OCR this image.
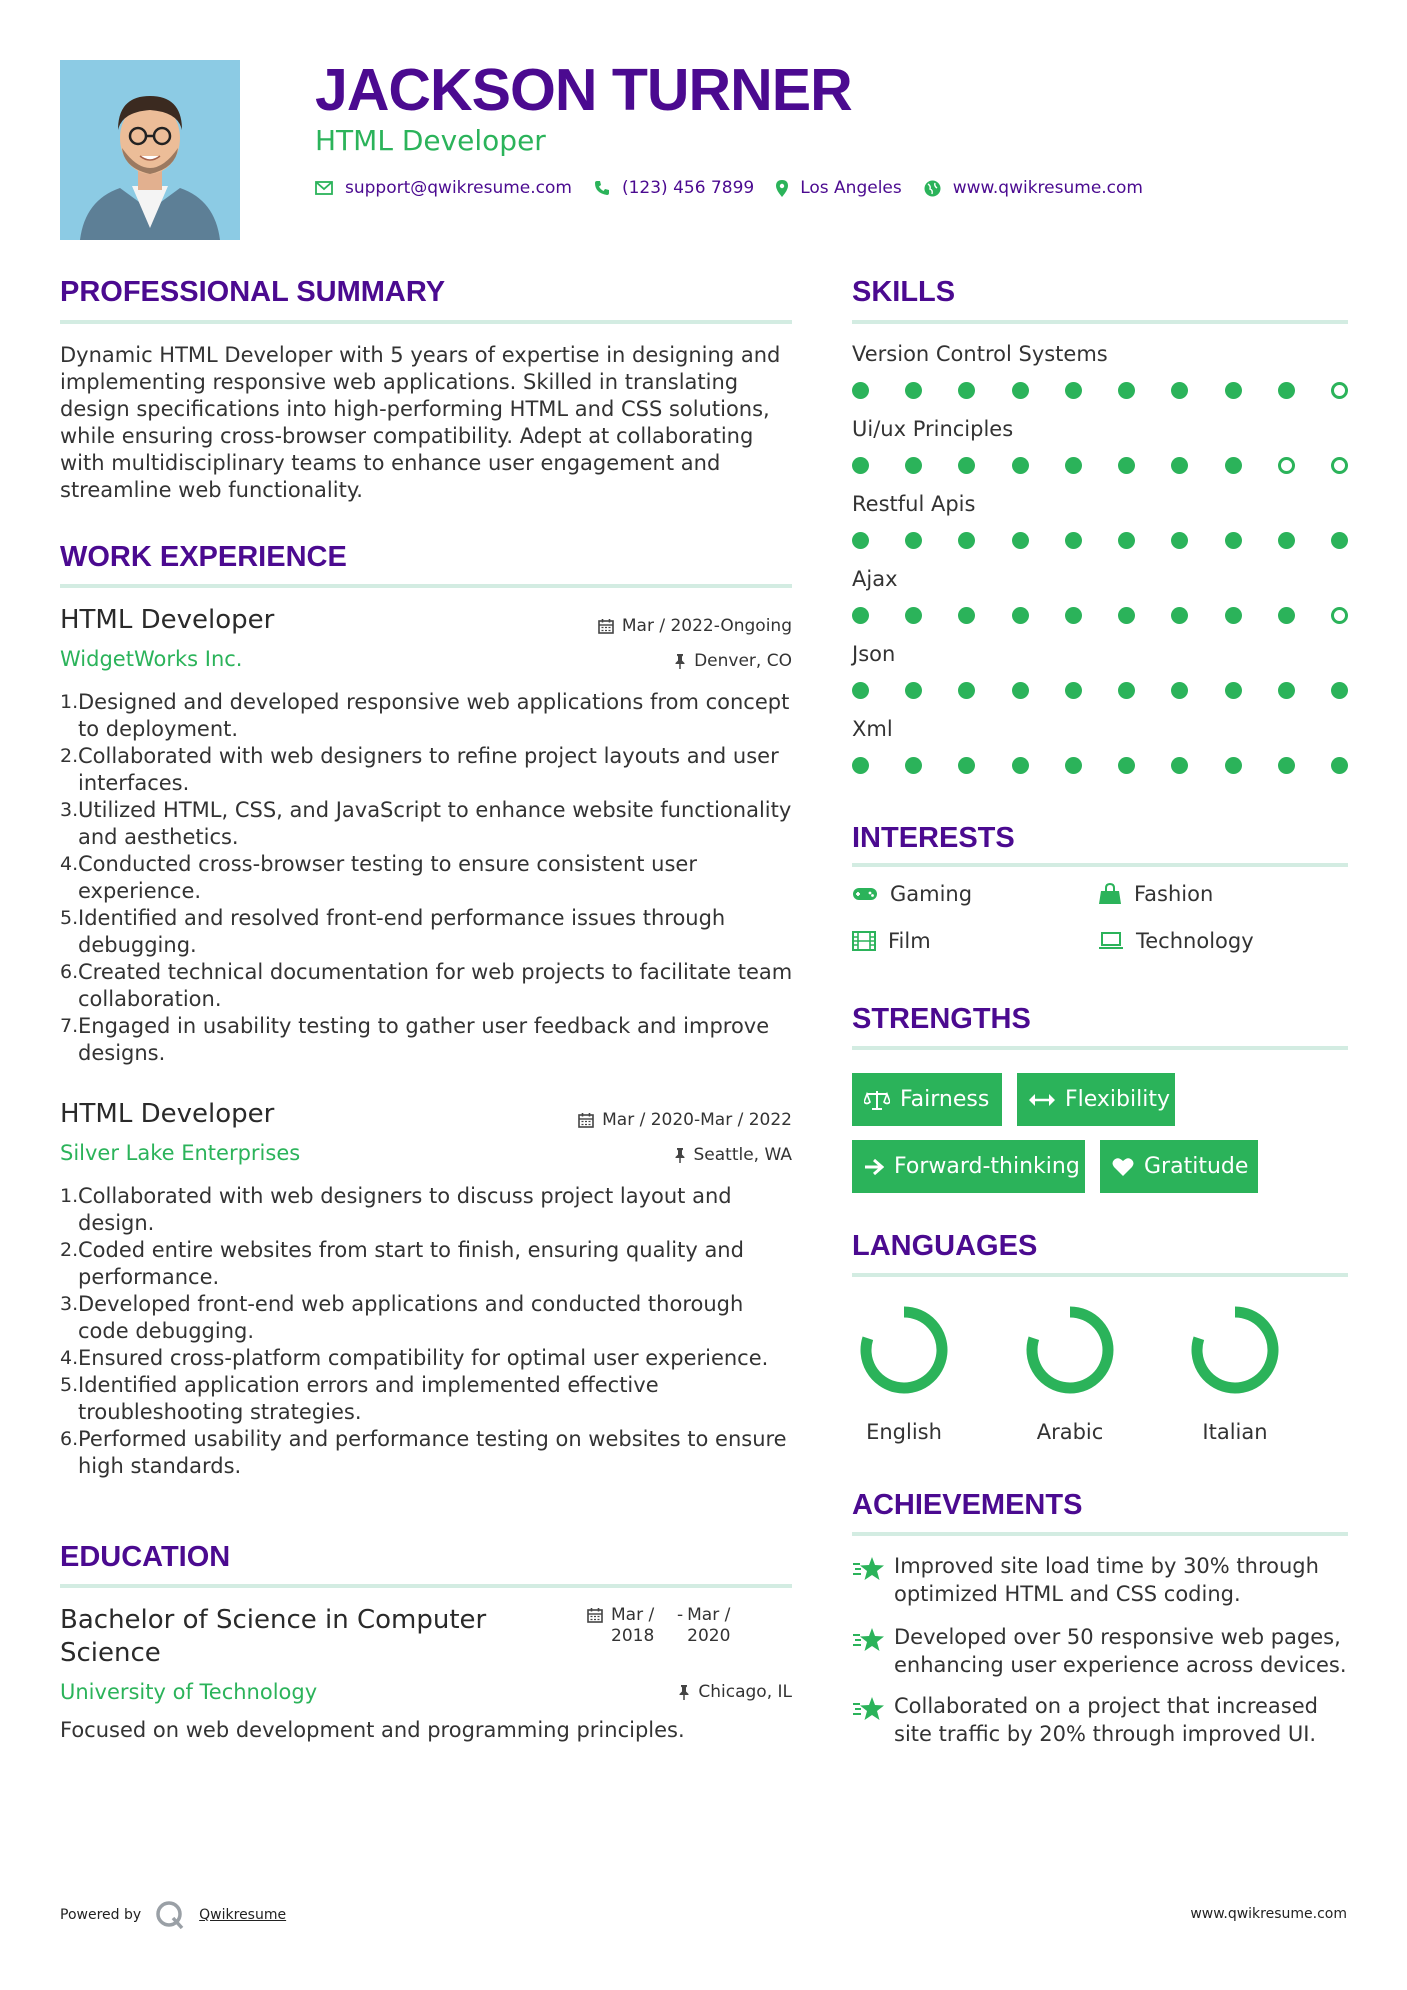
JACKSON TURNER
HTML Developer
support@qwikresume.com	(123) 456 7899	Los Angeles	www.qwikresume.com
PROFESSIONAL SUMMARY
Dynamic HTML Developer with 5 years of expertise in designing and implementing responsive web applications. Skilled in translating design specifications into high-performing HTML and CSS solutions, while ensuring cross-browser compatibility. Adept at collaborating with multidisciplinary teams to enhance user engagement and streamline web functionality.
WORK EXPERIENCE
HTML Developer	Mar / 2022-Ongoing
WidgetWorks Inc.	Denver, CO
1. Designed and developed responsive web applications from concept to deployment.
2. Collaborated with web designers to refine project layouts and user interfaces.
3. Utilized HTML, CSS, and JavaScript to enhance website functionality and aesthetics.
4. Conducted cross-browser testing to ensure consistent user experience.
5. Identified and resolved front-end performance issues through debugging.
6. Created technical documentation for web projects to facilitate team collaboration.
7. Engaged in usability testing to gather user feedback and improve designs.
HTML Developer	Mar / 2020-Mar / 2022
Silver Lake Enterprises	Seattle, WA
1. Collaborated with web designers to discuss project layout and design.
2. Coded entire websites from start to finish, ensuring quality and performance.
3. Developed front-end web applications and conducted thorough code debugging.
4. Ensured cross-platform compatibility for optimal user experience.
5. Identified application errors and implemented effective troubleshooting strategies.
6. Performed usability and performance testing on websites to ensure high standards.
EDUCATION
Bachelor of Science in Computer Science
Mar / 2018
- Mar / 2020
University of Technology	Chicago, IL
Focused on web development and programming principles.
SKILLS
Version Control Systems
Ui/ux Principles
Restful Apis
Ajax
Json
Xml
INTERESTS
Gaming	Fashion
Film	Technology
STRENGTHS
Fairness	Flexibility
Forward-thinking	Gratitude
LANGUAGES
English	Arabic	Italian
ACHIEVEMENTS
Improved site load time by 30% through optimized HTML and CSS coding.
Developed over 50 responsive web pages, enhancing user experience across devices.
Collaborated on a project that increased site traffic by 20% through improved UI.
Powered by	Qwikresume	www.qwikresume.com
